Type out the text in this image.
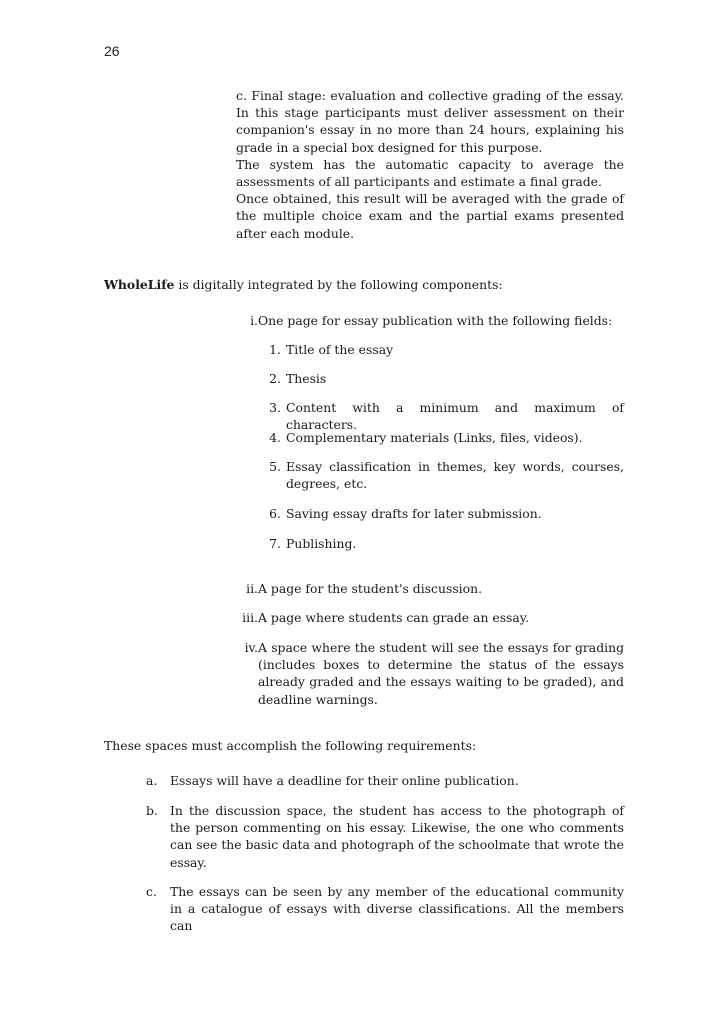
26

c. Final stage: evaluation and collective grading of the essay. In this stage participants must deliver assessment on their companion's essay in no more than 24 hours, explaining his grade in a special box designed for this purpose.

The system has the automatic capacity to average the assessments of all participants and estimate a final grade.

Once obtained, this result will be averaged with the grade of the multiple choice exam and the partial exams presented after each module.

WholeLife is digitally integrated by the following components:
i. One page for essay publication with the following fields:
1. Title of the essay
2. Thesis
3. Content with a minimum and maximum of characters.
4. Complementary materials (Links, files, videos).
5. Essay classification in themes, key words, courses, degrees, etc.
6. Saving essay drafts for later submission.
7. Publishing.
ii. A page for the student's discussion.
iii. A page where students can grade an essay.
iv. A space where the student will see the essays for grading (includes boxes to determine the status of the essays already graded and the essays waiting to be graded), and deadline warnings.
These spaces must accomplish the following requirements:
a.	Essays will have a deadline for their online publication.
b. In the discussion space, the student has access to the photograph of the person commenting on his essay. Likewise, the one who comments can see the basic data and photograph of the schoolmate that wrote the essay.
c.	The essays can be seen by any member of the educational community in a catalogue of essays with diverse classifications. All the members can
